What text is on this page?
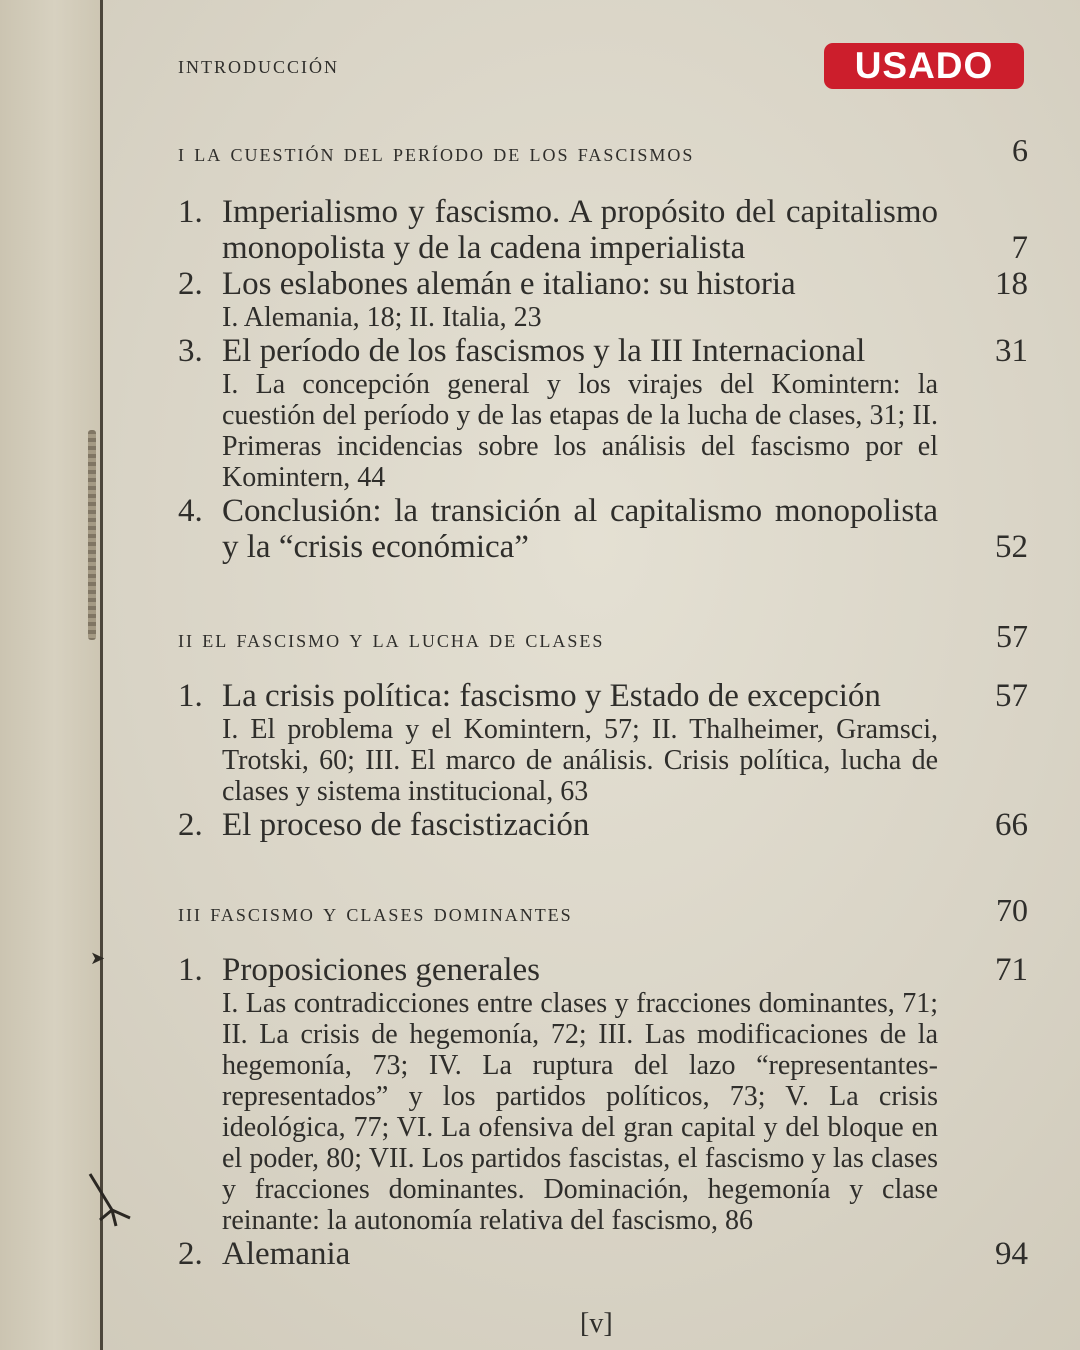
➤
USADO
introducción
i la cuestión del período de los fascismos	6
1. Imperialismo y fascismo. A propósito del capitalismo monopolista y de la cadena imperialista	7
2. Los eslabones alemán e italiano: su historia	18
I. Alemania, 18; II. Italia, 23
3. El período de los fascismos y la III Internacional	31
I. La concepción general y los virajes del Komintern: la cuestión del período y de las etapas de la lucha de clases, 31; II. Primeras incidencias sobre los análisis del fascismo por el Komintern, 44
4. Conclusión: la transición al capitalismo monopolista y la “crisis económica”	52
ii el fascismo y la lucha de clases	57
1. La crisis política: fascismo y Estado de excepción	57
I. El problema y el Komintern, 57; II. Thalheimer, Gramsci, Trotski, 60; III. El marco de análisis. Crisis política, lucha de clases y sistema institucional, 63
2. El proceso de fascistización	66
iii fascismo y clases dominantes	70
1. Proposiciones generales	71
I. Las contradicciones entre clases y fracciones dominantes, 71; II. La crisis de hegemonía, 72; III. Las modificaciones de la hegemonía, 73; IV. La ruptura del lazo “representantes-representados” y los partidos políticos, 73; V. La crisis ideológica, 77; VI. La ofensiva del gran capital y del bloque en el poder, 80; VII. Los partidos fascistas, el fascismo y las clases y fracciones dominantes. Dominación, hegemonía y clase reinante: la autonomía relativa del fascismo, 86
2. Alemania	94
[v]
